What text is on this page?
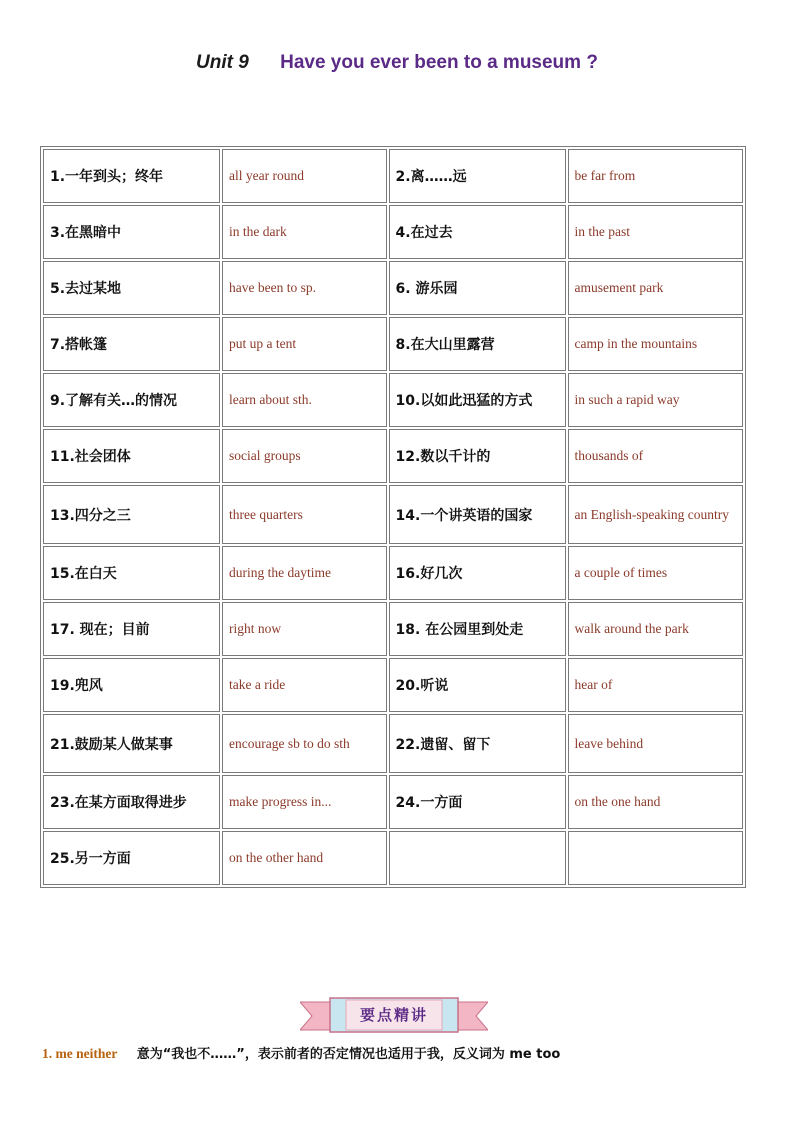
Unit 9 Have you ever been to a museum ?
1.一年到头；终年	all year round	2.离……远	be far from
3.在黑暗中	in the dark	4.在过去	in the past
5.去过某地	have been to sp.	6. 游乐园	amusement park
7.搭帐篷	put up a tent	8.在大山里露营	camp in the mountains
9.了解有关…的情况	learn about sth.	10.以如此迅猛的方式	in such a rapid way
11.社会团体	social groups	12.数以千计的	thousands of
13.四分之三	three quarters	14.一个讲英语的国家	an English-speaking country
15.在白天	during the daytime	16.好几次	a couple of times
17. 现在；目前	right now	18. 在公园里到处走	walk around the park
19.兜风	take a ride	20.听说	hear of
21.鼓励某人做某事	encourage sb to do sth	22.遗留、留下	leave behind
23.在某方面取得进步	make progress in...	24.一方面	on the one hand
25.另一方面	on the other hand		
要点精讲
1. me neither 意为“我也不……”，表示前者的否定情况也适用于我，反义词为 me too
